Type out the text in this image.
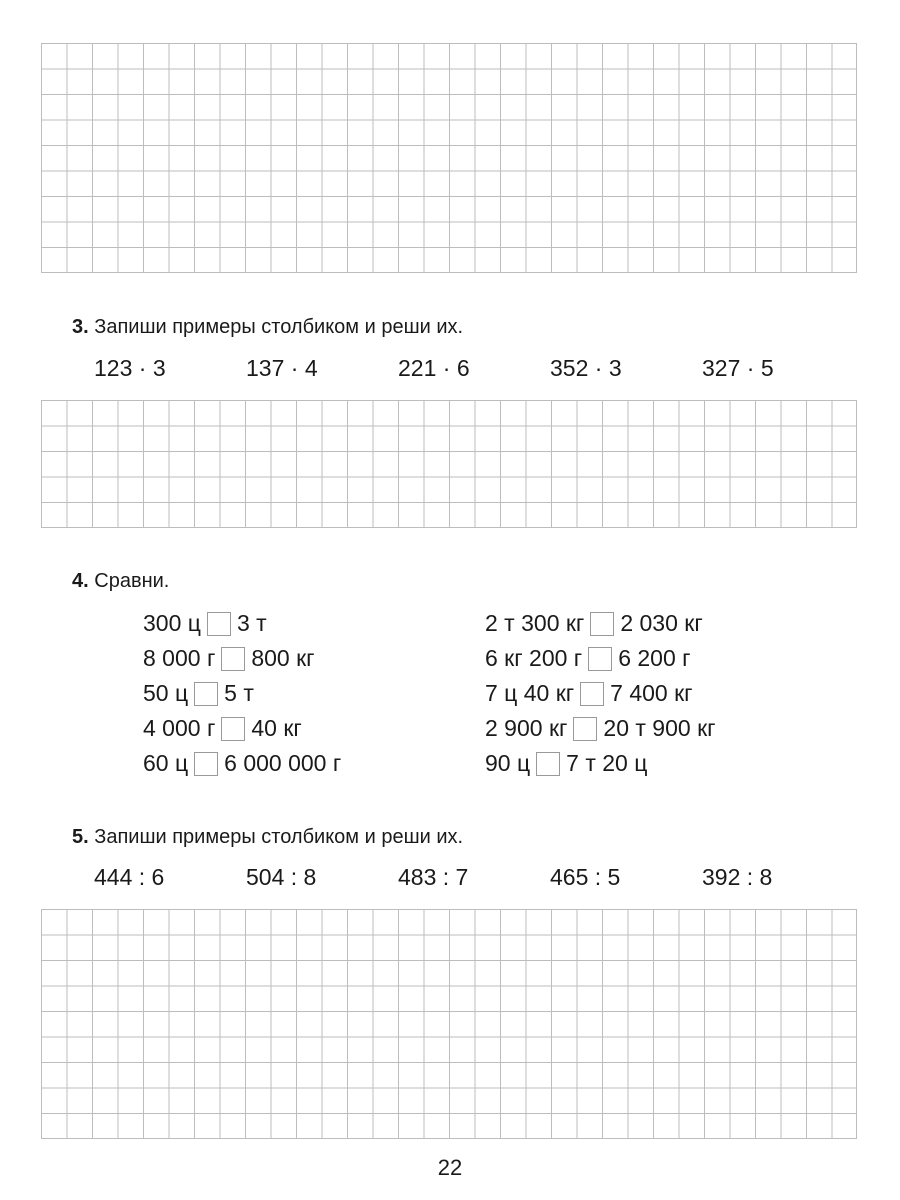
3. Запиши примеры столбиком и реши их.
123 · 3	137 · 4	221 · 6	352 · 3	327 · 5
4. Сравни.
300 ц 3 т
8 000 г 800 кг
50 ц 5 т
4 000 г 40 кг
60 ц 6 000 000 г
2 т 300 кг 2 030 кг
6 кг 200 г 6 200 г
7 ц 40 кг 7 400 кг
2 900 кг 20 т 900 кг
90 ц 7 т 20 ц
5. Запиши примеры столбиком и реши их.
444 : 6	504 : 8	483 : 7	465 : 5	392 : 8
22
